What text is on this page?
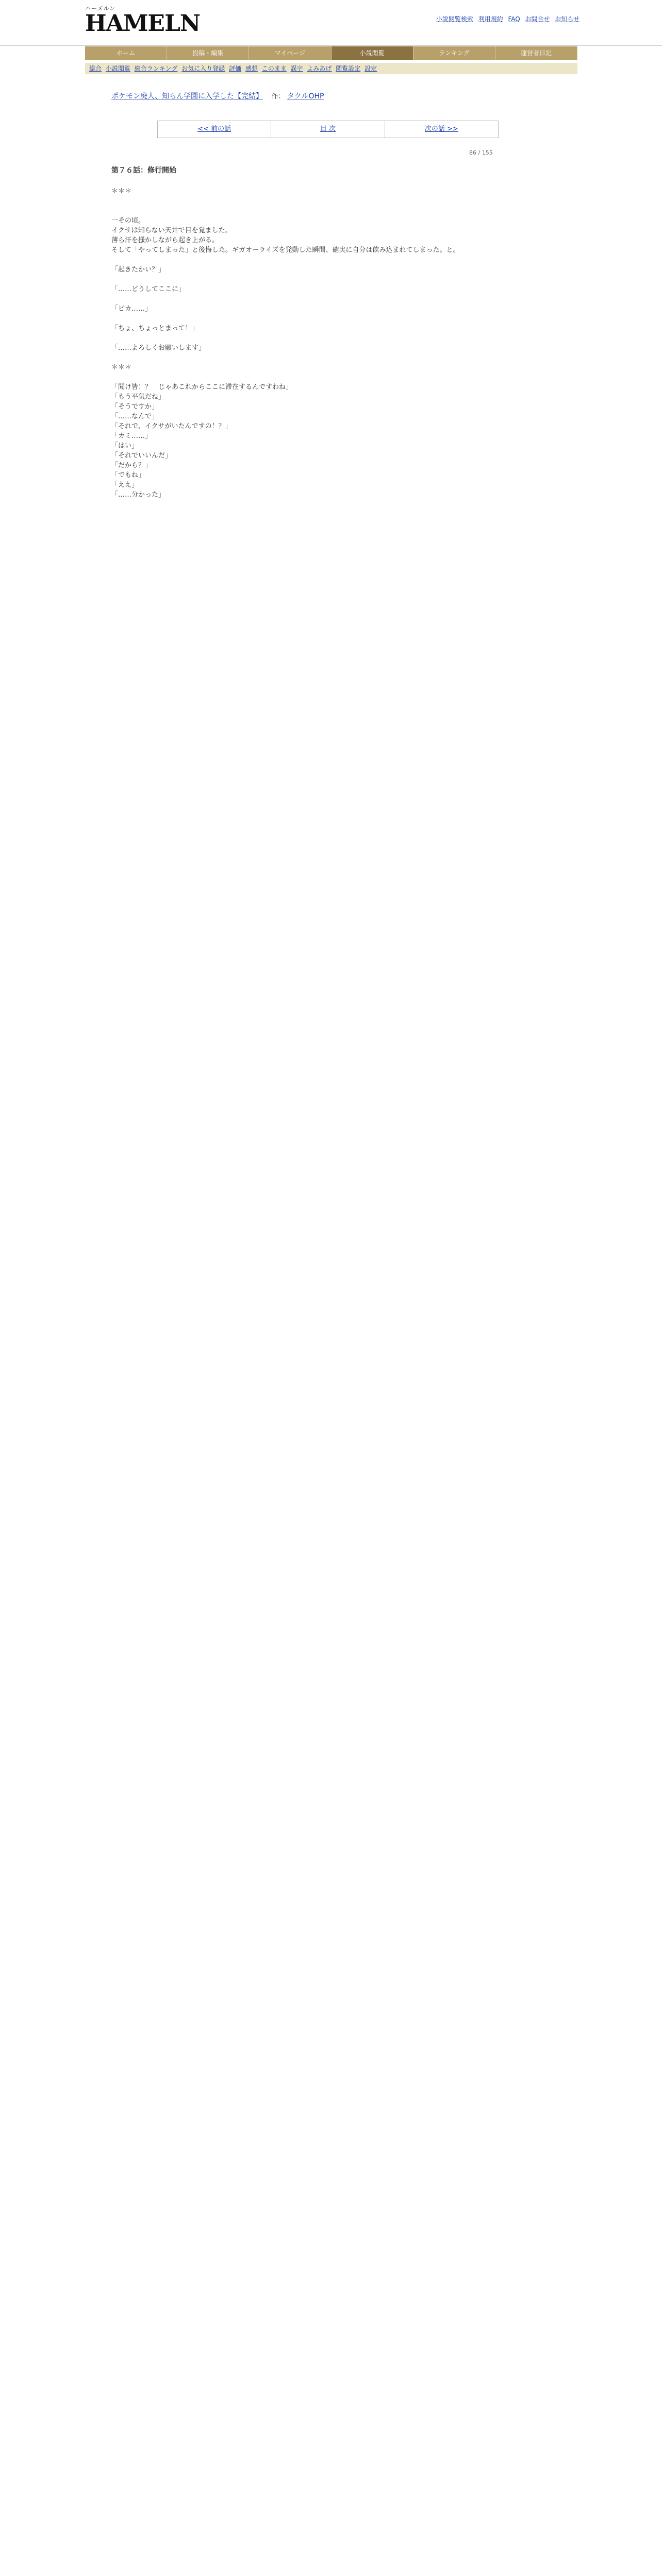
ハーメルン
HAMELN	小説閲覧検索 利用規約 FAQ お問合せ お知らせ
ホーム	投稿・編集	マイページ	小説閲覧	ランキング	運営者日記
総合 小説閲覧 総合ランキング お気に入り登録 評価 感想 このまま 誤字 よみあげ 閲覧設定 設定
ポケモン廃人、知らん学園に入学した【完結】 作： タクルOHP
<< 前の話	目 次	次の話 >>
86 / 155
第７６話：修行開始

＊＊＊

一その頃。

イクサは知らない天井で目を覚ました。

薄ら汗を搔かしながら起き上がる。

そして「やってしまった」と後悔した。ギガオーライズを発動した瞬間、確実に自分は飲み込まれてしまった。と。

「起きたかい？」

「……どうしてここに」

「ピカ……」

「ちょ、ちょっとまって！」

「……よろしくお願いします」

＊＊＊

「聞け皆！？　じゃあこれからここに滞在するんですわね」

「もう平気だね」

「そうですか」

「……なんで」

「それで、イクサがいたんですの！？」

「カミ……」

「はい」

「それでいいんだ」

「だから？」

「でもね」

「ええ」

「……分かった」
